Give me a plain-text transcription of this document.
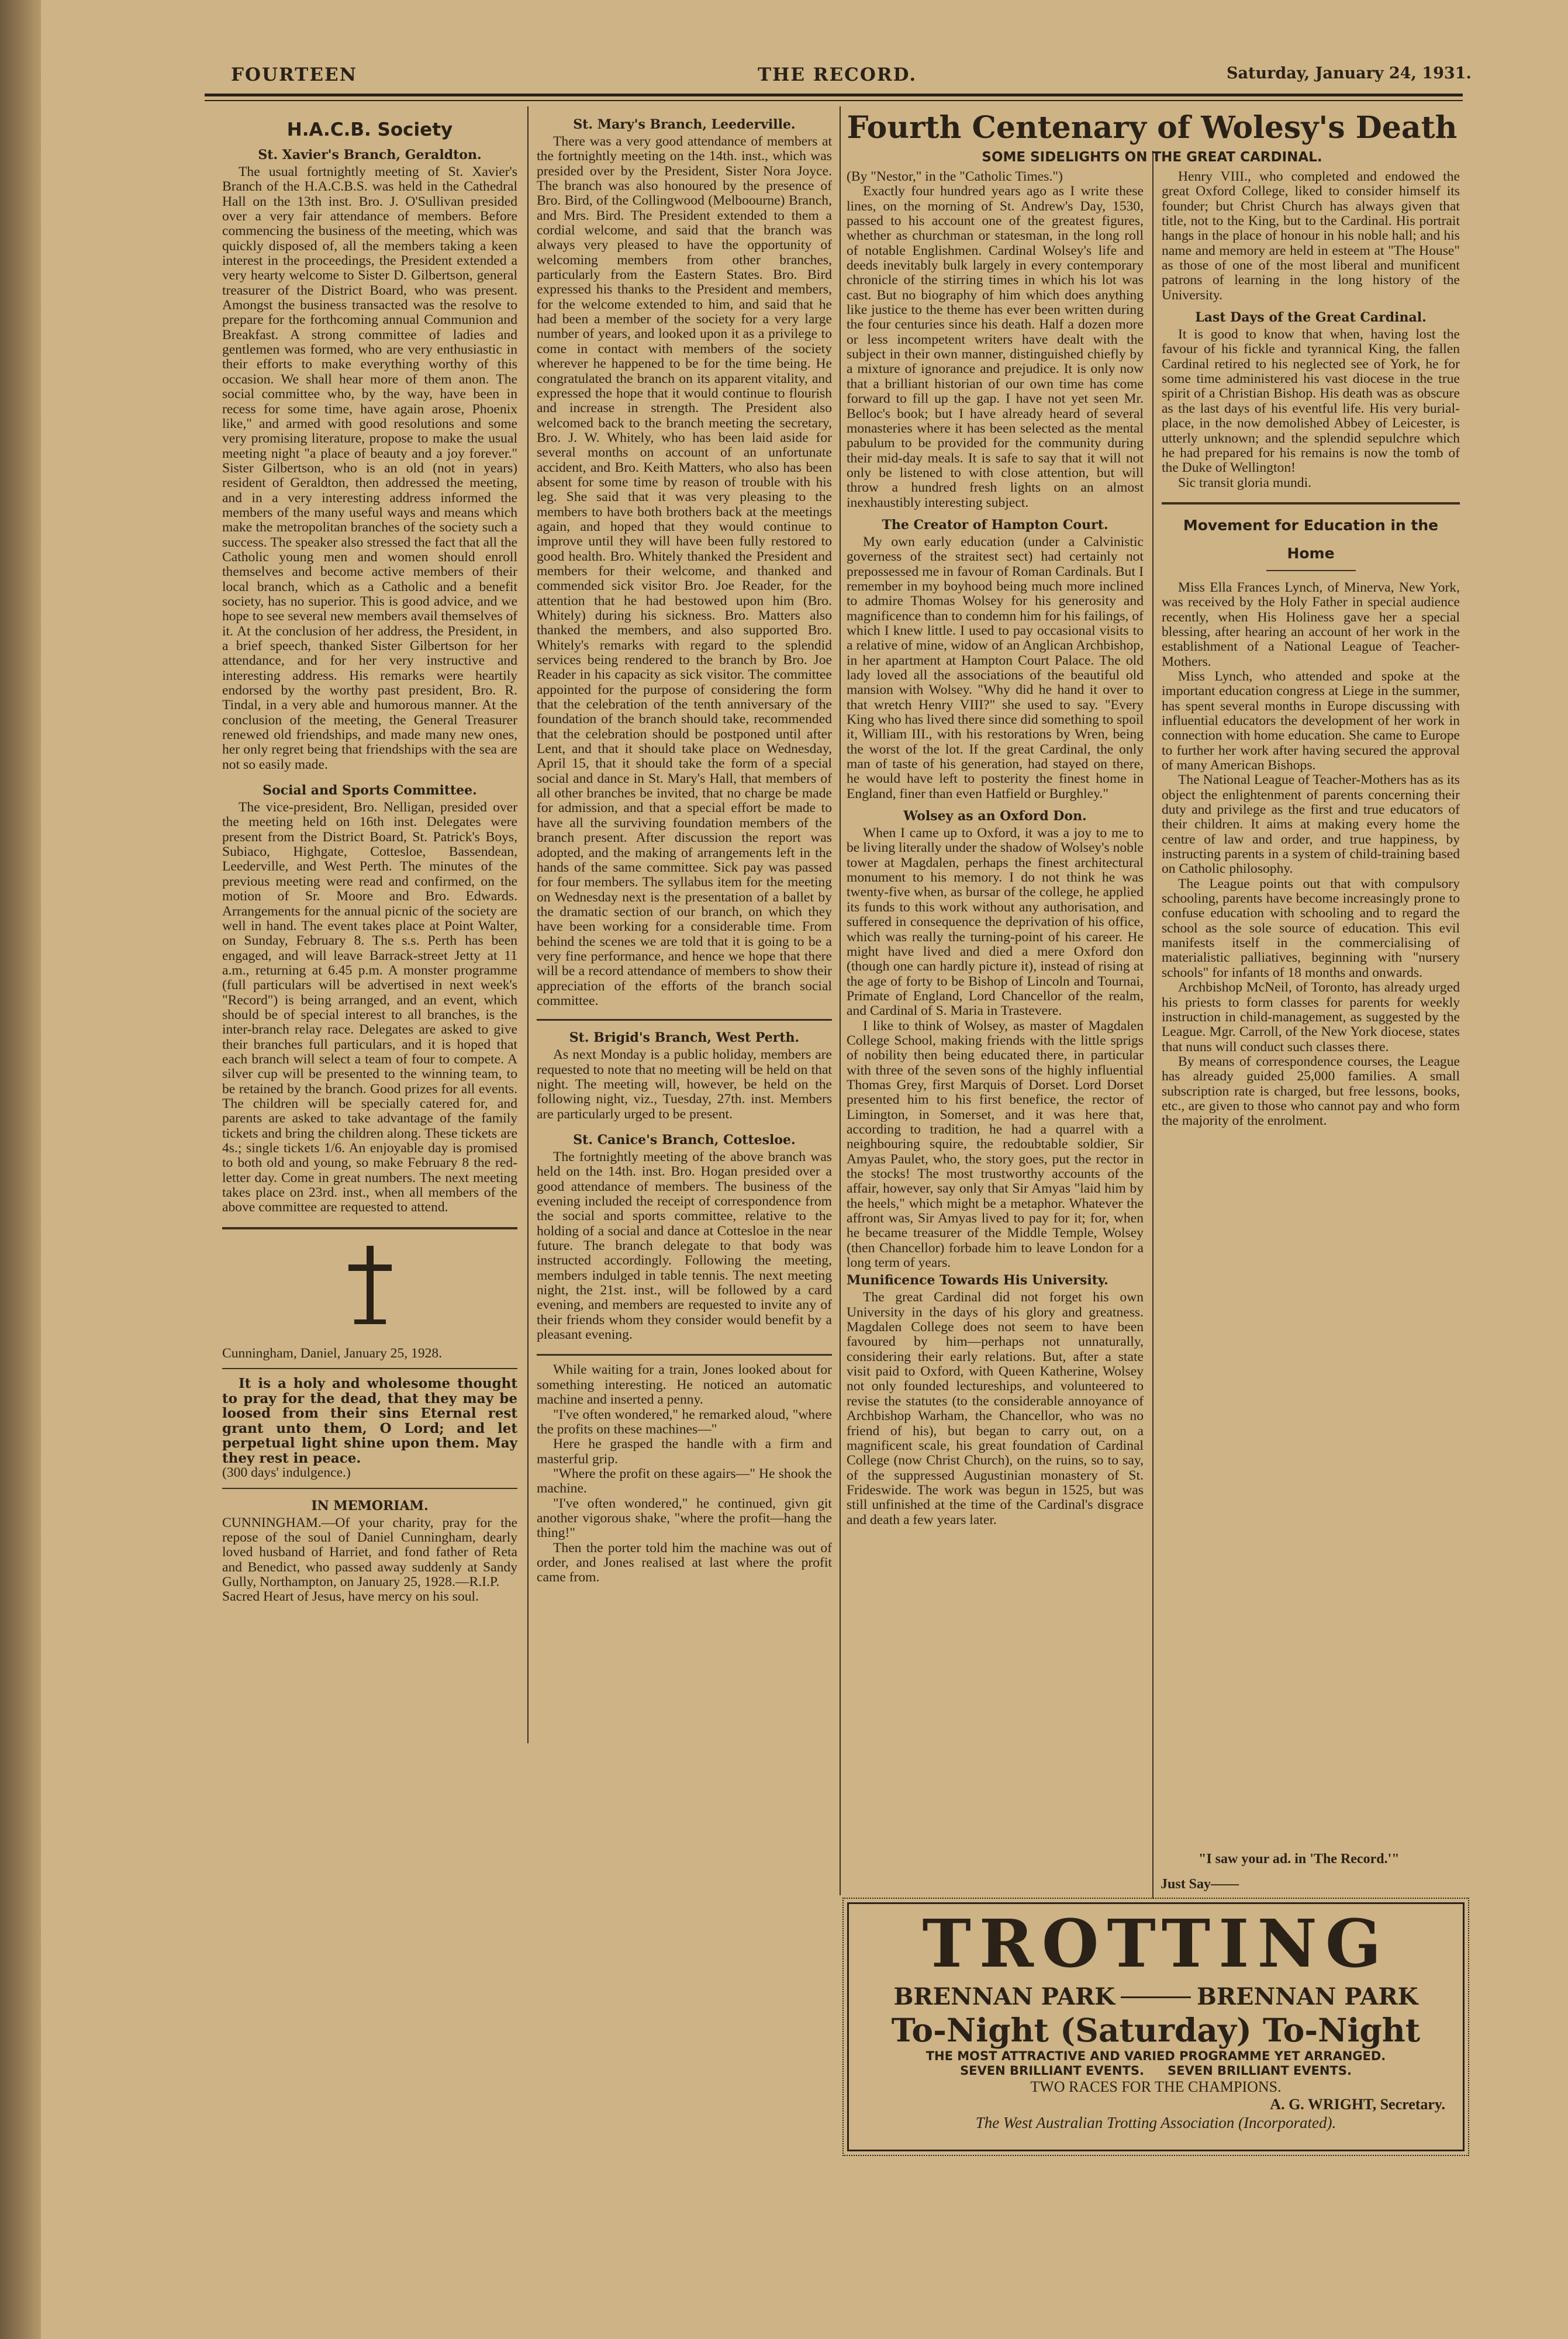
FOURTEEN	THE RECORD.	Saturday, January 24, 1931.
H.A.C.B. Society
St. Xavier's Branch, Geraldton.

The usual fortnightly meeting of St. Xavier's Branch of the H.A.C.B.S. was held in the Cathedral Hall on the 13th inst. Bro. J. O'Sullivan presided over a very fair attendance of members. Before commencing the business of the meeting, which was quickly disposed of, all the members taking a keen interest in the proceedings, the President extended a very hearty welcome to Sister D. Gilbertson, general treasurer of the District Board, who was present. Amongst the business transacted was the resolve to prepare for the forthcoming annual Communion and Breakfast. A strong committee of ladies and gentlemen was formed, who are very enthusiastic in their efforts to make everything worthy of this occasion. We shall hear more of them anon. The social committee who, by the way, have been in recess for some time, have again arose, Phoenix like," and armed with good resolutions and some very promising literature, propose to make the usual meeting night "a place of beauty and a joy forever." Sister Gilbertson, who is an old (not in years) resident of Geraldton, then addressed the meeting, and in a very interesting address informed the members of the many useful ways and means which make the metropolitan branches of the society such a success. The speaker also stressed the fact that all the Catholic young men and women should enroll themselves and become active members of their local branch, which as a Catholic and a benefit society, has no superior. This is good advice, and we hope to see several new members avail themselves of it. At the conclusion of her address, the President, in a brief speech, thanked Sister Gilbertson for her attendance, and for her very instructive and interesting address. His remarks were heartily endorsed by the worthy past president, Bro. R. Tindal, in a very able and humorous manner. At the conclusion of the meeting, the General Treasurer renewed old friendships, and made many new ones, her only regret being that friendships with the sea are not so easily made.

Social and Sports Committee.

The vice-president, Bro. Nelligan, presided over the meeting held on 16th inst. Delegates were present from the District Board, St. Patrick's Boys, Subiaco, Highgate, Cottesloe, Bassendean, Leederville, and West Perth. The minutes of the previous meeting were read and confirmed, on the motion of Sr. Moore and Bro. Edwards. Arrangements for the annual picnic of the society are well in hand. The event takes place at Point Walter, on Sunday, February 8. The s.s. Perth has been engaged, and will leave Barrack-street Jetty at 11 a.m., returning at 6.45 p.m. A monster programme (full particulars will be advertised in next week's "Record") is being arranged, and an event, which should be of special interest to all branches, is the inter-branch relay race. Delegates are asked to give their branches full particulars, and it is hoped that each branch will select a team of four to compete. A silver cup will be presented to the winning team, to be retained by the branch. Good prizes for all events. The children will be specially catered for, and parents are asked to take advantage of the family tickets and bring the children along. These tickets are 4s.; single tickets 1/6. An enjoyable day is promised to both old and young, so make February 8 the red-letter day. Come in great numbers. The next meeting takes place on 23rd. inst., when all members of the above committee are requested to attend.

Cunningham, Daniel, January 25, 1928.

It is a holy and wholesome thought to pray for the dead, that they may be loosed from their sins Eternal rest grant unto them, O Lord; and let perpetual light shine upon them. May they rest in peace.

(300 days' indulgence.)

IN MEMORIAM.

CUNNINGHAM.—Of your charity, pray for the repose of the soul of Daniel Cunningham, dearly loved husband of Harriet, and fond father of Reta and Benedict, who passed away suddenly at Sandy Gully, Northampton, on January 25, 1928.—R.I.P.

Sacred Heart of Jesus, have mercy on his soul.

St. Mary's Branch, Leederville.

There was a very good attendance of members at the fortnightly meeting on the 14th. inst., which was presided over by the President, Sister Nora Joyce. The branch was also honoured by the presence of Bro. Bird, of the Collingwood (Melboourne) Branch, and Mrs. Bird. The President extended to them a cordial welcome, and said that the branch was always very pleased to have the opportunity of welcoming members from other branches, particularly from the Eastern States. Bro. Bird expressed his thanks to the President and members, for the welcome extended to him, and said that he had been a member of the society for a very large number of years, and looked upon it as a privilege to come in contact with members of the society wherever he happened to be for the time being. He congratulated the branch on its apparent vitality, and expressed the hope that it would continue to flourish and increase in strength. The President also welcomed back to the branch meeting the secretary, Bro. J. W. Whitely, who has been laid aside for several months on account of an unfortunate accident, and Bro. Keith Matters, who also has been absent for some time by reason of trouble with his leg. She said that it was very pleasing to the members to have both brothers back at the meetings again, and hoped that they would continue to improve until they will have been fully restored to good health. Bro. Whitely thanked the President and members for their welcome, and thanked and commended sick visitor Bro. Joe Reader, for the attention that he had bestowed upon him (Bro. Whitely) during his sickness. Bro. Matters also thanked the members, and also supported Bro. Whitely's remarks with regard to the splendid services being rendered to the branch by Bro. Joe Reader in his capacity as sick visitor. The committee appointed for the purpose of considering the form that the celebration of the tenth anniversary of the foundation of the branch should take, recommended that the celebration should be postponed until after Lent, and that it should take place on Wednesday, April 15, that it should take the form of a special social and dance in St. Mary's Hall, that members of all other branches be invited, that no charge be made for admission, and that a special effort be made to have all the surviving foundation members of the branch present. After discussion the report was adopted, and the making of arrangements left in the hands of the same committee. Sick pay was passed for four members. The syllabus item for the meeting on Wednesday next is the presentation of a ballet by the dramatic section of our branch, on which they have been working for a considerable time. From behind the scenes we are told that it is going to be a very fine performance, and hence we hope that there will be a record attendance of members to show their appreciation of the efforts of the branch social committee.

St. Brigid's Branch, West Perth.

As next Monday is a public holiday, members are requested to note that no meeting will be held on that night. The meeting will, however, be held on the following night, viz., Tuesday, 27th. inst. Members are particularly urged to be present.

St. Canice's Branch, Cottesloe.

The fortnightly meeting of the above branch was held on the 14th. inst. Bro. Hogan presided over a good attendance of members. The business of the evening included the receipt of correspondence from the social and sports committee, relative to the holding of a social and dance at Cottesloe in the near future. The branch delegate to that body was instructed accordingly. Following the meeting, members indulged in table tennis. The next meeting night, the 21st. inst., will be followed by a card evening, and members are requested to invite any of their friends whom they consider would benefit by a pleasant evening.

While waiting for a train, Jones looked about for something interesting. He noticed an automatic machine and inserted a penny.

"I've often wondered," he remarked aloud, "where the profits on these machines—"

Here he grasped the handle with a firm and masterful grip.

"Where the profit on these agairs—" He shook the machine.

"I've often wondered," he continued, givn git another vigorous shake, "where the profit—hang the thing!"

Then the porter told him the machine was out of order, and Jones realised at last where the profit came from.

Fourth Centenary of Wolesy's Death
SOME SIDELIGHTS ON THE GREAT CARDINAL.

(By "Nestor," in the "Catholic Times.")

Exactly four hundred years ago as I write these lines, on the morning of St. Andrew's Day, 1530, passed to his account one of the greatest figures, whether as churchman or statesman, in the long roll of notable Englishmen. Cardinal Wolsey's life and deeds inevitably bulk largely in every contemporary chronicle of the stirring times in which his lot was cast. But no biography of him which does anything like justice to the theme has ever been written during the four centuries since his death. Half a dozen more or less incompetent writers have dealt with the subject in their own manner, distinguished chiefly by a mixture of ignorance and prejudice. It is only now that a brilliant historian of our own time has come forward to fill up the gap. I have not yet seen Mr. Belloc's book; but I have already heard of several monasteries where it has been selected as the mental pabulum to be provided for the community during their mid-day meals. It is safe to say that it will not only be listened to with close attention, but will throw a hundred fresh lights on an almost inexhaustibly interesting subject.

The Creator of Hampton Court.

My own early education (under a Calvinistic governess of the straitest sect) had certainly not prepossessed me in favour of Roman Cardinals. But I remember in my boyhood being much more inclined to admire Thomas Wolsey for his generosity and magnificence than to condemn him for his failings, of which I knew little. I used to pay occasional visits to a relative of mine, widow of an Anglican Archbishop, in her apartment at Hampton Court Palace. The old lady loved all the associations of the beautiful old mansion with Wolsey. "Why did he hand it over to that wretch Henry VIII?" she used to say. "Every King who has lived there since did something to spoil it, William III., with his restorations by Wren, being the worst of the lot. If the great Cardinal, the only man of taste of his generation, had stayed on there, he would have left to posterity the finest home in England, finer than even Hatfield or Burghley."

Wolsey as an Oxford Don.

When I came up to Oxford, it was a joy to me to be living literally under the shadow of Wolsey's noble tower at Magdalen, perhaps the finest architectural monument to his memory. I do not think he was twenty-five when, as bursar of the college, he applied its funds to this work without any authorisation, and suffered in consequence the deprivation of his office, which was really the turning-point of his career. He might have lived and died a mere Oxford don (though one can hardly picture it), instead of rising at the age of forty to be Bishop of Lincoln and Tournai, Primate of England, Lord Chancellor of the realm, and Cardinal of S. Maria in Trastevere.

I like to think of Wolsey, as master of Magdalen College School, making friends with the little sprigs of nobility then being educated there, in particular with three of the seven sons of the highly influential Thomas Grey, first Marquis of Dorset. Lord Dorset presented him to his first benefice, the rector of Limington, in Somerset, and it was here that, according to tradition, he had a quarrel with a neighbouring squire, the redoubtable soldier, Sir Amyas Paulet, who, the story goes, put the rector in the stocks! The most trustworthy accounts of the affair, however, say only that Sir Amyas "laid him by the heels," which might be a metaphor. Whatever the affront was, Sir Amyas lived to pay for it; for, when he became treasurer of the Middle Temple, Wolsey (then Chancellor) forbade him to leave London for a long term of years.

Munificence Towards His University.

The great Cardinal did not forget his own University in the days of his glory and greatness. Magdalen College does not seem to have been favoured by him—perhaps not unnaturally, considering their early relations. But, after a state visit paid to Oxford, with Queen Katherine, Wolsey not only founded lectureships, and volunteered to revise the statutes (to the considerable annoyance of Archbishop Warham, the Chancellor, who was no friend of his), but began to carry out, on a magnificent scale, his great foundation of Cardinal College (now Christ Church), on the ruins, so to say, of the suppressed Augustinian monastery of St. Frideswide. The work was begun in 1525, but was still unfinished at the time of the Cardinal's disgrace and death a few years later.

Henry VIII., who completed and endowed the great Oxford College, liked to consider himself its founder; but Christ Church has always given that title, not to the King, but to the Cardinal. His portrait hangs in the place of honour in his noble hall; and his name and memory are held in esteem at "The House" as those of one of the most liberal and munificent patrons of learning in the long history of the University.

Last Days of the Great Cardinal.

It is good to know that when, having lost the favour of his fickle and tyrannical King, the fallen Cardinal retired to his neglected see of York, he for some time administered his vast diocese in the true spirit of a Christian Bishop. His death was as obscure as the last days of his eventful life. His very burial-place, in the now demolished Abbey of Leicester, is utterly unknown; and the splendid sepulchre which he had prepared for his remains is now the tomb of the Duke of Wellington!

Sic transit gloria mundi.

Movement for Education in the Home

Miss Ella Frances Lynch, of Minerva, New York, was received by the Holy Father in special audience recently, when His Holiness gave her a special blessing, after hearing an account of her work in the establishment of a National League of Teacher-Mothers.

Miss Lynch, who attended and spoke at the important education congress at Liege in the summer, has spent several months in Europe discussing with influential educators the development of her work in connection with home education. She came to Europe to further her work after having secured the approval of many American Bishops.

The National League of Teacher-Mothers has as its object the enlightenment of parents concerning their duty and privilege as the first and true educators of their children. It aims at making every home the centre of law and order, and true happiness, by instructing parents in a system of child-training based on Catholic philosophy.

The League points out that with compulsory schooling, parents have become increasingly prone to confuse education with schooling and to regard the school as the sole source of education. This evil manifests itself in the commercialising of materialistic palliatives, beginning with "nursery schools" for infants of 18 months and onwards.

Archbishop McNeil, of Toronto, has already urged his priests to form classes for parents for weekly instruction in child-management, as suggested by the League. Mgr. Carroll, of the New York diocese, states that nuns will conduct such classes there.

By means of correspondence courses, the League has already guided 25,000 families. A small subscription rate is charged, but free lessons, books, etc., are given to those who cannot pay and who form the majority of the enrolment.

"I saw your ad. in 'The Record.'"
Just Say——
TROTTING
BRENNAN PARK	BRENNAN PARK
To-Night (Saturday) To-Night
THE MOST ATTRACTIVE AND VARIED PROGRAMME YET ARRANGED.
SEVEN BRILLIANT EVENTS. SEVEN BRILLIANT EVENTS.
TWO RACES FOR THE CHAMPIONS.
A. G. WRIGHT, Secretary.
The West Australian Trotting Association (Incorporated).
